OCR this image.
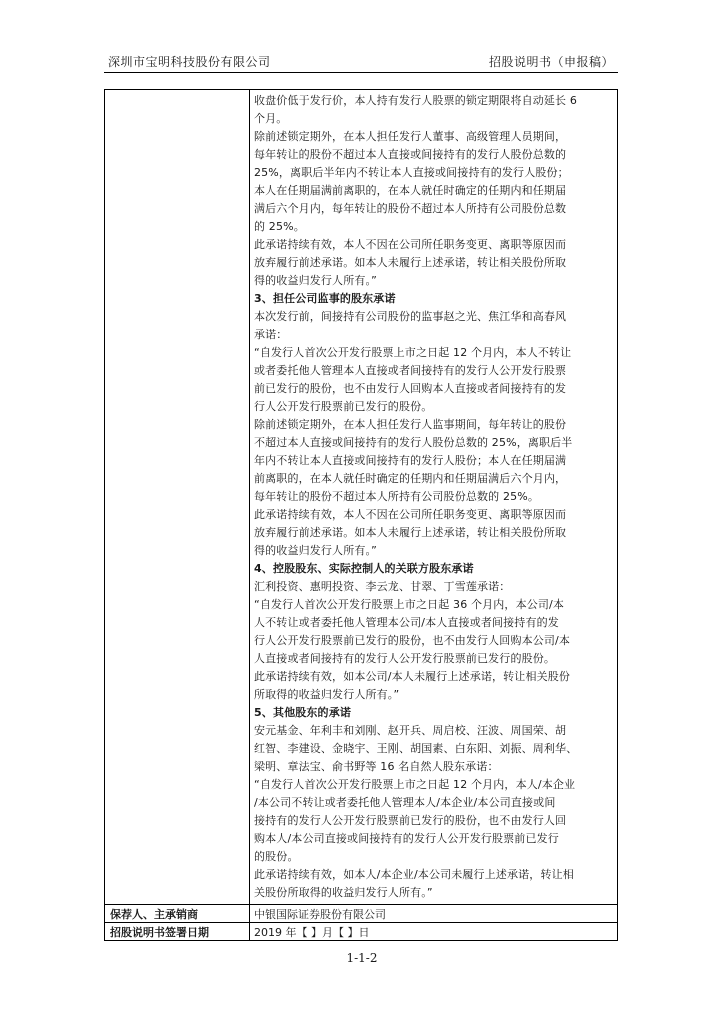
深圳市宝明科技股份有限公司	招股说明书（申报稿）
收盘价低于发行价，本人持有发行人股票的锁定期限将自动延长 6
个月。
除前述锁定期外，在本人担任发行人董事、高级管理人员期间，
每年转让的股份不超过本人直接或间接持有的发行人股份总数的
25%，离职后半年内不转让本人直接或间接持有的发行人股份；
本人在任期届满前离职的，在本人就任时确定的任期内和任期届
满后六个月内，每年转让的股份不超过本人所持有公司股份总数
的 25%。
此承诺持续有效，本人不因在公司所任职务变更、离职等原因而
放弃履行前述承诺。如本人未履行上述承诺，转让相关股份所取
得的收益归发行人所有。”
3、担任公司监事的股东承诺
本次发行前，间接持有公司股份的监事赵之光、焦江华和高春风
承诺：
“自发行人首次公开发行股票上市之日起 12 个月内，本人不转让
或者委托他人管理本人直接或者间接持有的发行人公开发行股票
前已发行的股份，也不由发行人回购本人直接或者间接持有的发
行人公开发行股票前已发行的股份。
除前述锁定期外，在本人担任发行人监事期间，每年转让的股份
不超过本人直接或间接持有的发行人股份总数的 25%，离职后半
年内不转让本人直接或间接持有的发行人股份；本人在任期届满
前离职的，在本人就任时确定的任期内和任期届满后六个月内，
每年转让的股份不超过本人所持有公司股份总数的 25%。
此承诺持续有效，本人不因在公司所任职务变更、离职等原因而
放弃履行前述承诺。如本人未履行上述承诺，转让相关股份所取
得的收益归发行人所有。”
4、控股股东、实际控制人的关联方股东承诺
汇利投资、惠明投资、李云龙、甘翠、丁雪莲承诺：
“自发行人首次公开发行股票上市之日起 36 个月内，本公司/本
人不转让或者委托他人管理本公司/本人直接或者间接持有的发
行人公开发行股票前已发行的股份，也不由发行人回购本公司/本
人直接或者间接持有的发行人公开发行股票前已发行的股份。
此承诺持续有效，如本公司/本人未履行上述承诺，转让相关股份
所取得的收益归发行人所有。”
5、其他股东的承诺
安元基金、年利丰和刘刚、赵开兵、周启校、汪波、周国荣、胡
红智、李建设、金晓宇、王刚、胡国素、白东阳、刘振、周利华、
梁明、章法宝、俞书野等 16 名自然人股东承诺：
“自发行人首次公开发行股票上市之日起 12 个月内，本人/本企业
/本公司不转让或者委托他人管理本人/本企业/本公司直接或间
接持有的发行人公开发行股票前已发行的股份，也不由发行人回
购本人/本公司直接或间接持有的发行人公开发行股票前已发行
的股份。
此承诺持续有效，如本人/本企业/本公司未履行上述承诺，转让相
关股份所取得的收益归发行人所有。”
保荐人、主承销商	中银国际证券股份有限公司
招股说明书签署日期	2019 年【 】月【 】日
1-1-2
